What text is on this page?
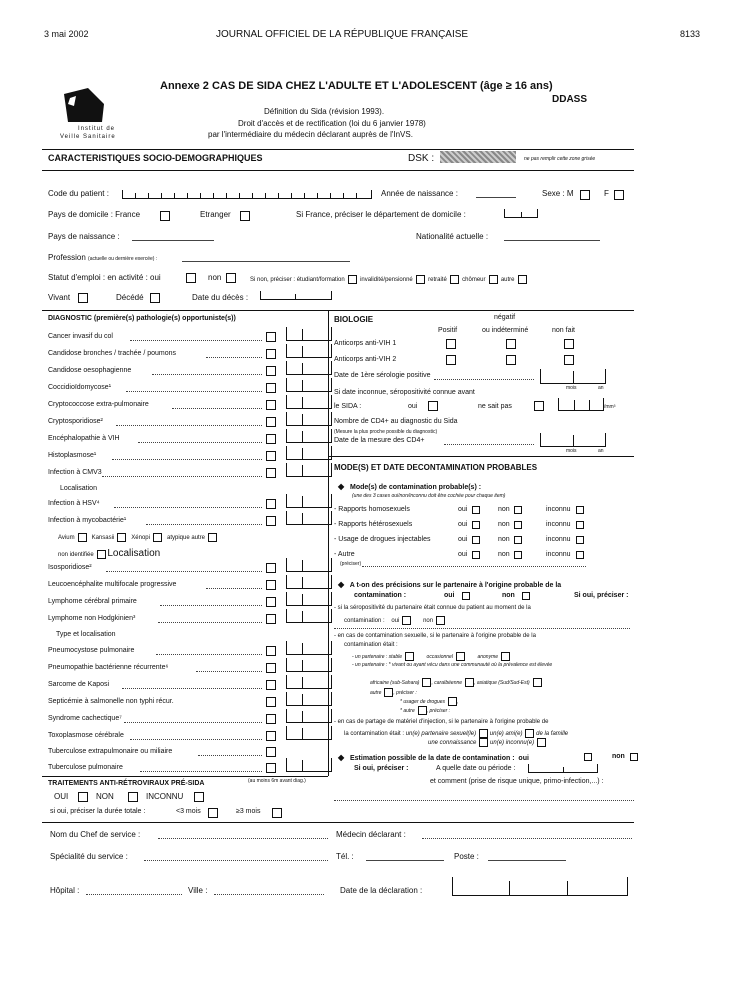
3 mai 2002	JOURNAL OFFICIEL DE LA RÉPUBLIQUE FRANÇAISE	8133
Institut de
Veille Sanitaire
Annexe 2 CAS DE SIDA CHEZ L'ADULTE ET L'ADOLESCENT (âge ≥ 16 ans)
DDASS
Définition du Sida (révision 1993).
Droit d'accès et de rectification (loi du 6 janvier 1978)
par l'intermédiaire du médecin déclarant auprès de l'InVS.
CARACTERISTIQUES SOCIO-DEMOGRAPHIQUES	DSK :	ne pas remplir cette zone grisée
Code du patient :	Année de naissance :	Sexe : M	F
Pays de domicile : France	Etranger	Si France, préciser le département de domicile :
Pays de naissance :	Nationalité actuelle :
Profession (actuelle ou dernière exercée) :
Statut d'emploi : en activité : oui	non	Si non, préciser : étudiant/formation	invalidité/pensionné	retraité	chômeur	autre
Vivant	Décédé	Date du décès :
DIAGNOSTIC (première(s) pathologie(s) opportuniste(s))
Cancer invasif du col
Candidose bronches / trachée / poumons
Candidose oesophagienne
Coccidioïdomycose¹
Cryptococcose extra-pulmonaire
Cryptosporidiose²
Encéphalopathie à VIH
Histoplasmose¹
Infection à CMV3
Localisation
Infection à HSV⁴
Infection à mycobactérie¹
Avium	Kansasii	Xénopi	atypique autre
non identifiée Localisation
Isosporidiose²
Leucoencéphalite multifocale progressive
Lymphome cérébral primaire
Lymphome non Hodgkinien³
Type et localisation
Pneumocystose pulmonaire
Pneumopathie bactérienne récurrente⁶
Sarcome de Kaposi
Septicémie à salmonelle non typhi récur.
Syndrome cachectique⁷
Toxoplasmose cérébrale
Tuberculose extrapulmonaire ou miliaire
Tuberculose pulmonaire
TRAITEMENTS ANTI-RÉTROVIRAUX PRÉ-SIDA	(au moins 6m avant diag.)
OUI	NON	INCONNU
si oui, préciser la durée totale :	<3 mois	≥3 mois
BIOLOGIE	négatif
Positif	ou indéterminé	non fait
Anticorps anti-VIH 1
Anticorps anti-VIH 2
Date de 1ère sérologie positive
mois	an
Si date inconnue, séropositivité connue avant
le SIDA :	oui	ne sait pas	/mm³
Nombre de CD4+ au diagnostic du Sida
(Mesure la plus proche possible du diagnostic)
Date de la mesure des CD4+
mois	an
MODE(S) ET DATE DECONTAMINATION PROBABLES
◆ Mode(s) de contamination probable(s) :
(une des 3 cases oui/non/inconnu doit être cochée pour chaque item)
- Rapports homosexuels	oui	non	inconnu
- Rapports hétérosexuels	oui	non	inconnu
- Usage de drogues injectables	oui	non	inconnu
- Autre	oui	non	inconnu
(préciser)
◆ A t-on des précisions sur le partenaire à l'origine probable de la
contamination :	oui	non	Si oui, préciser :
- si la séropositivité du partenaire était connue du patient au moment de la
contamination : oui	non
- en cas de contamination sexuelle, si le partenaire à l'origine probable de la
contamination était :
- un partenaire : stable	occasionnel	anonyme
- un partenaire : * vivant ou ayant vécu dans une communauté où la prévalence est élevée
africaine (sub-Sahara) , caraïbéenne , asiatique (Sud/Sud-Est)
autre , préciser :
* usager de drogues ,
* autre , préciser :
- en cas de partage de matériel d'injection, si le partenaire à l'origine probable de
la contamination était : un(e) partenaire sexuel(le) un(e) ami(e) de la famille
une connaissance un(e) inconnu(e)
◆ Estimation possible de la date de contamination : oui	non
Si oui, préciser :	A quelle date ou période :
et comment (prise de risque unique, primo-infection,...) :
Nom du Chef de service :	Médecin déclarant :
Spécialité du service :	Tél. :	Poste :
Hôpital :	Ville :	Date de la déclaration :
